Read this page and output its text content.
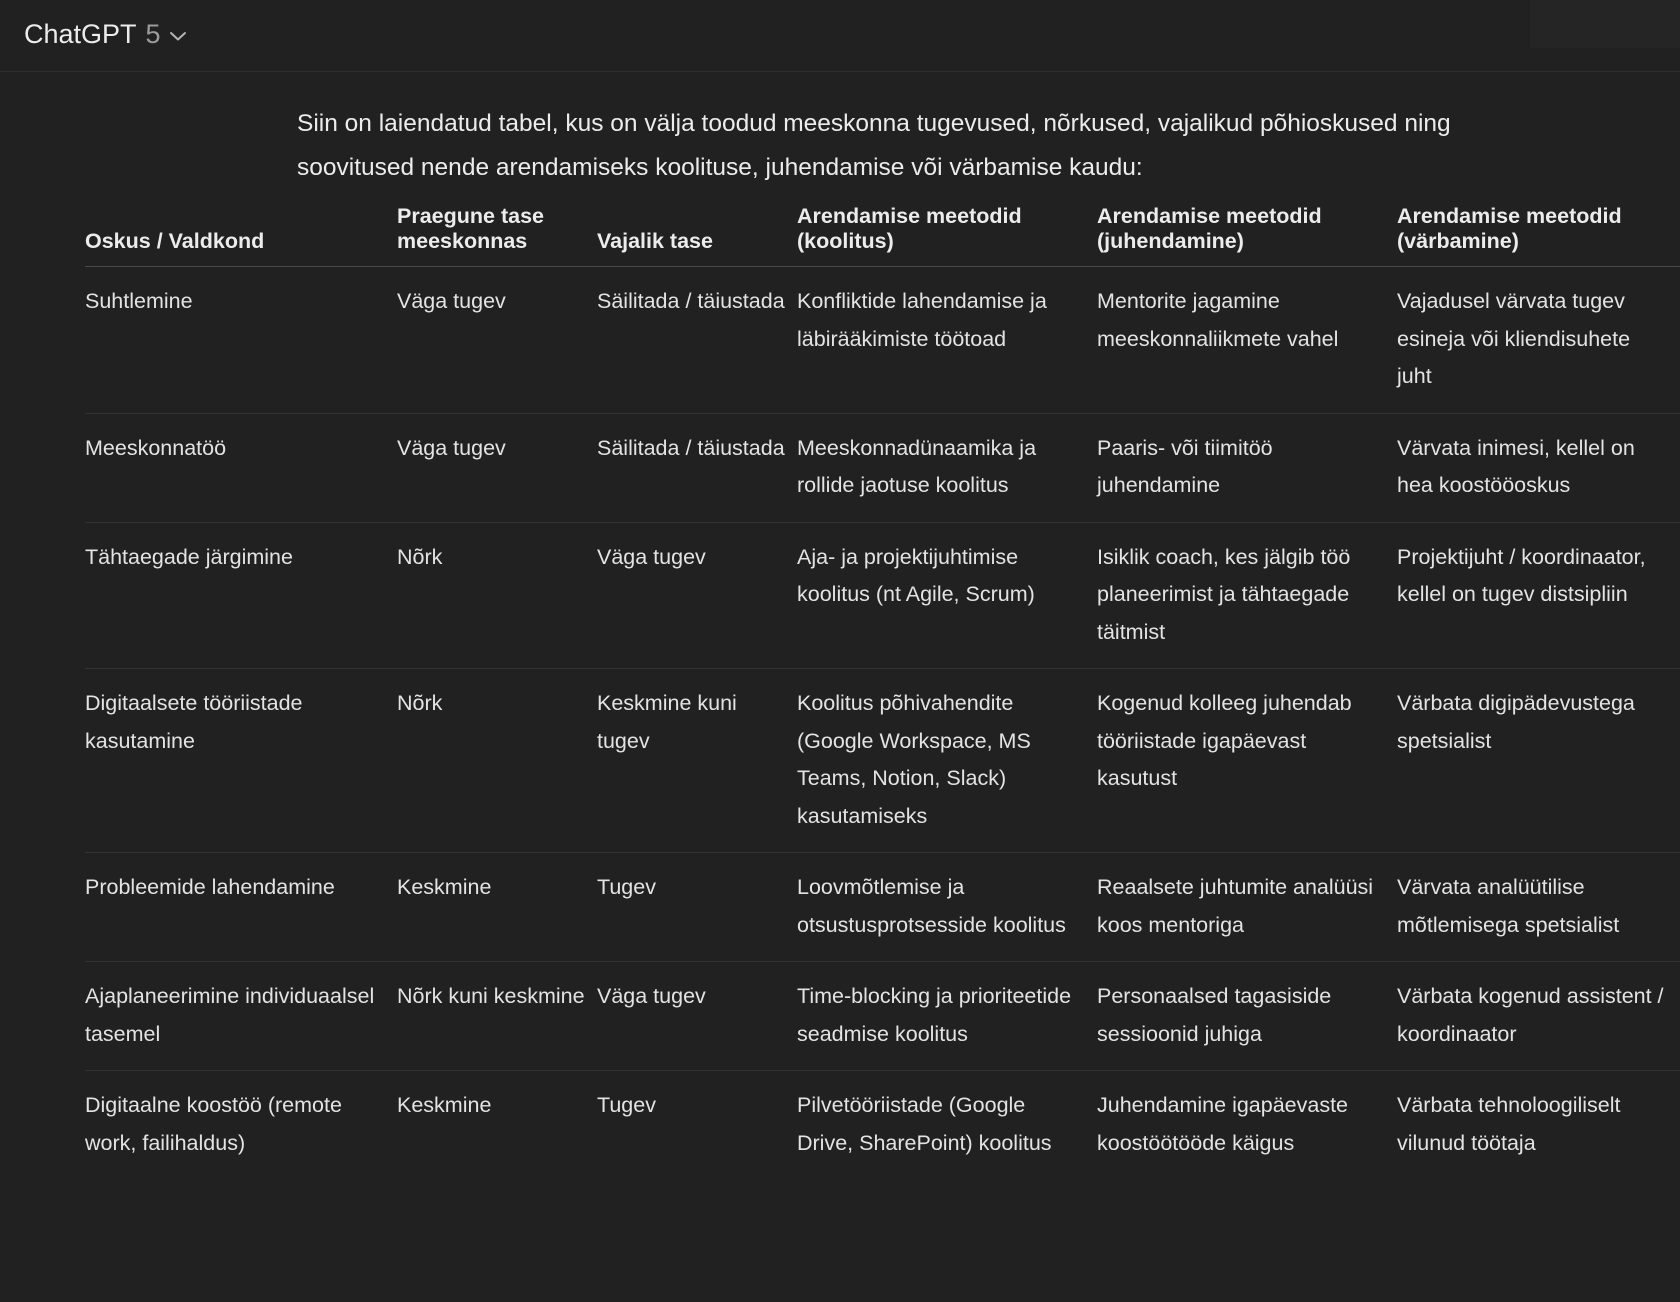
ChatGPT 5

Siin on laiendatud tabel, kus on välja toodud meeskonna tugevused, nõrkused, vajalikud põhioskused ning soovitused nende arendamiseks koolituse, juhendamise või värbamise kaudu:

Oskus / Valdkond	Praegune tase meeskonnas	Vajalik tase	Arendamise meetodid (koolitus)	Arendamise meetodid (juhendamine)	Arendamise meetodid (värbamine)
Suhtlemine	Väga tugev	Säilitada / täiustada	Konfliktide lahendamise ja läbirääkimiste töötoad	Mentorite jagamine meeskonnaliikmete vahel	Vajadusel värvata tugev esineja või kliendisuhete juht
Meeskonnatöö	Väga tugev	Säilitada / täiustada	Meeskonnadünaamika ja rollide jaotuse koolitus	Paaris- või tiimitöö juhendamine	Värvata inimesi, kellel on hea koostööoskus
Tähtaegade järgimine	Nõrk	Väga tugev	Aja- ja projektijuhtimise koolitus (nt Agile, Scrum)	Isiklik coach, kes jälgib töö planeerimist ja tähtaegade täitmist	Projektijuht / koordinaator, kellel on tugev distsipliin
Digitaalsete tööriistade kasutamine	Nõrk	Keskmine kuni tugev	Koolitus põhivahendite (Google Workspace, MS Teams, Notion, Slack) kasutamiseks	Kogenud kolleeg juhendab tööriistade igapäevast kasutust	Värbata digipädevustega spetsialist
Probleemide lahendamine	Keskmine	Tugev	Loovmõtlemise ja otsustusprotsesside koolitus	Reaalsete juhtumite analüüsi koos mentoriga	Värvata analüütilise mõtlemisega spetsialist
Ajaplaneerimine individuaalsel tasemel	Nõrk kuni keskmine	Väga tugev	Time-blocking ja prioriteetide seadmise koolitus	Personaalsed tagasiside sessioonid juhiga	Värbata kogenud assistent / koordinaator
Digitaalne koostöö (remote work, failihaldus)	Keskmine	Tugev	Pilvetööriistade (Google Drive, SharePoint) koolitus	Juhendamine igapäevaste koostöötööde käigus	Värbata tehnoloogiliselt vilunud töötaja
